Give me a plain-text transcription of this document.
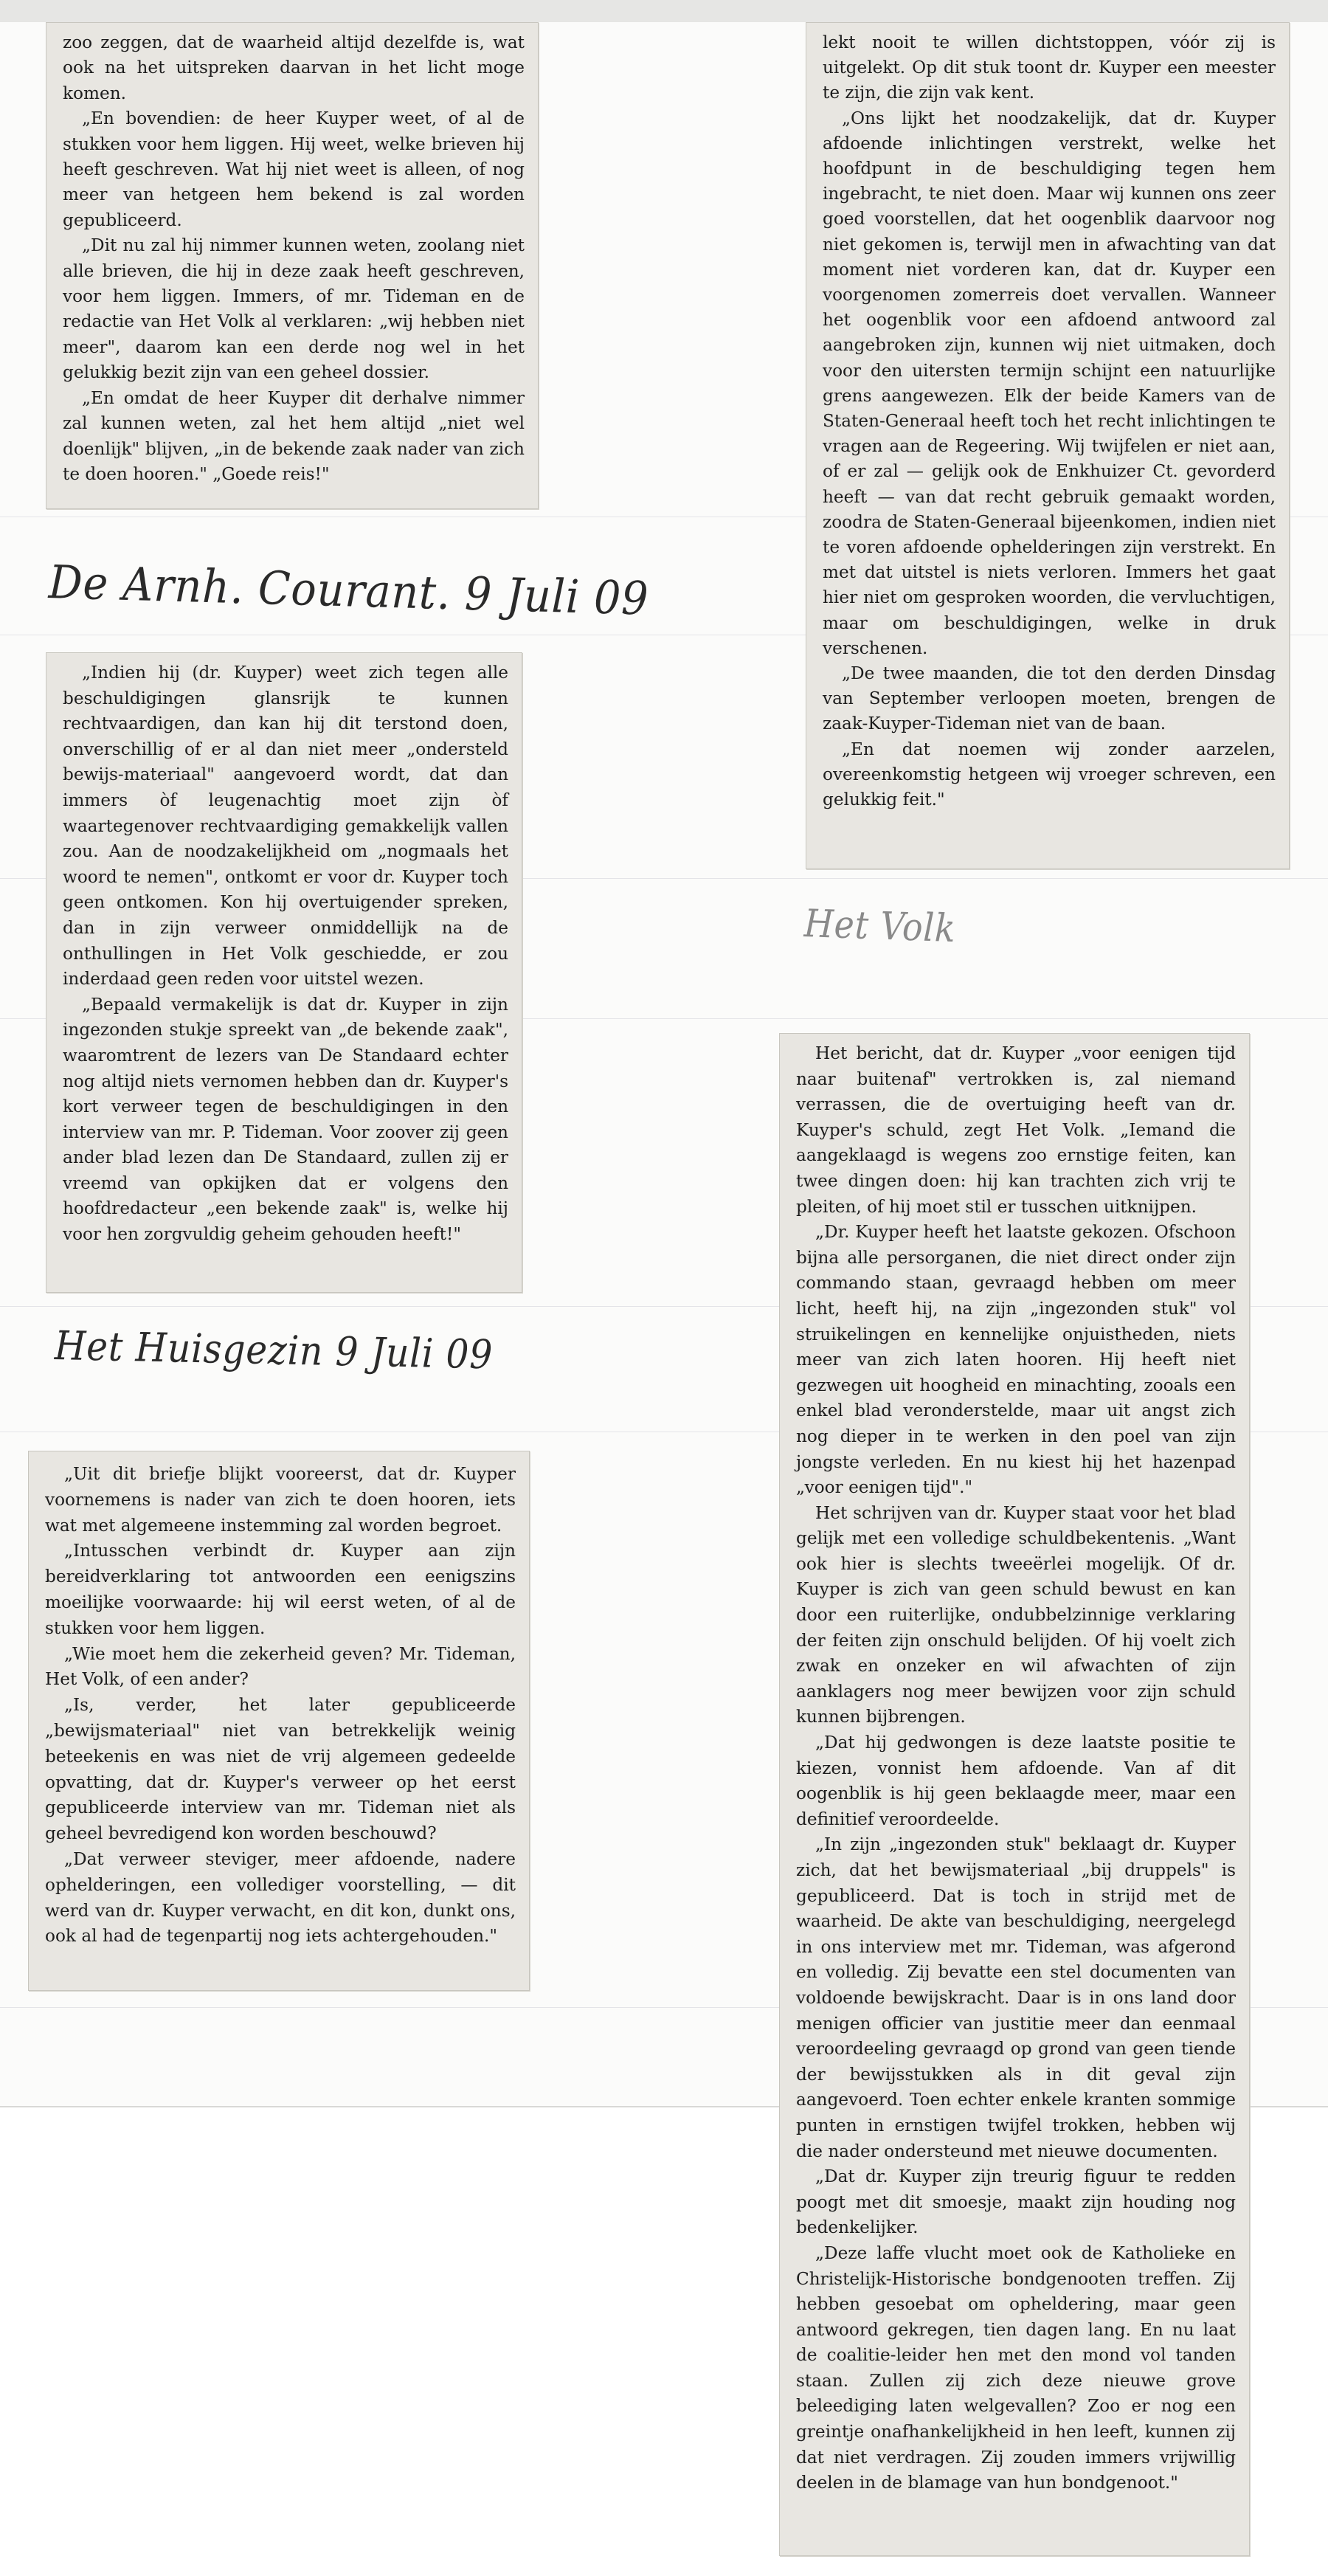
zoo zeggen, dat de waarheid altijd dezelfde is, wat ook na het uitspreken daarvan in het licht moge komen.

„En bovendien: de heer Kuyper weet, of al de stukken voor hem liggen. Hij weet, welke brieven hij heeft geschreven. Wat hij niet weet is alleen, of nog meer van hetgeen hem bekend is zal worden gepubliceerd.

„Dit nu zal hij nimmer kunnen weten, zoolang niet alle brieven, die hij in deze zaak heeft geschreven, voor hem liggen. Immers, of mr. Tideman en de redactie van Het Volk al verklaren: „wij hebben niet meer", daarom kan een derde nog wel in het gelukkig bezit zijn van een geheel dossier.

„En omdat de heer Kuyper dit derhalve nimmer zal kunnen weten, zal het hem altijd „niet wel doenlijk" blijven, „in de bekende zaak nader van zich te doen hooren." „Goede reis!"

De Arnh. Courant. 9 Juli 09

„Indien hij (dr. Kuyper) weet zich tegen alle beschuldigingen glansrijk te kunnen rechtvaardigen, dan kan hij dit terstond doen, onverschillig of er al dan niet meer „ondersteld bewijs-materiaal" aangevoerd wordt, dat dan immers òf leugenachtig moet zijn òf waartegenover rechtvaardiging gemakkelijk vallen zou. Aan de noodzakelijkheid om „nogmaals het woord te nemen", ontkomt er voor dr. Kuyper toch geen ontkomen. Kon hij overtuigender spreken, dan in zijn verweer onmiddellijk na de onthullingen in Het Volk geschiedde, er zou inderdaad geen reden voor uitstel wezen.

„Bepaald vermakelijk is dat dr. Kuyper in zijn ingezonden stukje spreekt van „de bekende zaak", waaromtrent de lezers van De Standaard echter nog altijd niets vernomen hebben dan dr. Kuyper's kort verweer tegen de beschuldigingen in den interview van mr. P. Tideman. Voor zoover zij geen ander blad lezen dan De Standaard, zullen zij er vreemd van opkijken dat er volgens den hoofdredacteur „een bekende zaak" is, welke hij voor hen zorgvuldig geheim gehouden heeft!"

Het Huisgezin 9 Juli 09

„Uit dit briefje blijkt vooreerst, dat dr. Kuyper voornemens is nader van zich te doen hooren, iets wat met algemeene instemming zal worden begroet.

„Intusschen verbindt dr. Kuyper aan zijn bereidverklaring tot antwoorden een eenigszins moeilijke voorwaarde: hij wil eerst weten, of al de stukken voor hem liggen.

„Wie moet hem die zekerheid geven? Mr. Tideman, Het Volk, of een ander?

„Is, verder, het later gepubliceerde „bewijsmateriaal" niet van betrekkelijk weinig beteekenis en was niet de vrij algemeen gedeelde opvatting, dat dr. Kuyper's verweer op het eerst gepubliceerde interview van mr. Tideman niet als geheel bevredigend kon worden beschouwd?

„Dat verweer steviger, meer afdoende, nadere ophelderingen, een vollediger voorstelling, — dit werd van dr. Kuyper verwacht, en dit kon, dunkt ons, ook al had de tegenpartij nog iets achtergehouden."

lekt nooit te willen dichtstoppen, vóór zij is uitgelekt. Op dit stuk toont dr. Kuyper een meester te zijn, die zijn vak kent.

„Ons lijkt het noodzakelijk, dat dr. Kuyper afdoende inlichtingen verstrekt, welke het hoofdpunt in de beschuldiging tegen hem ingebracht, te niet doen. Maar wij kunnen ons zeer goed voorstellen, dat het oogenblik daarvoor nog niet gekomen is, terwijl men in afwachting van dat moment niet vorderen kan, dat dr. Kuyper een voorgenomen zomerreis doet vervallen. Wanneer het oogenblik voor een afdoend antwoord zal aangebroken zijn, kunnen wij niet uitmaken, doch voor den uitersten termijn schijnt een natuurlijke grens aangewezen. Elk der beide Kamers van de Staten-Generaal heeft toch het recht inlichtingen te vragen aan de Regeering. Wij twijfelen er niet aan, of er zal — gelijk ook de Enkhuizer Ct. gevorderd heeft — van dat recht gebruik gemaakt worden, zoodra de Staten-Generaal bijeenkomen, indien niet te voren afdoende ophelderingen zijn verstrekt. En met dat uitstel is niets verloren. Immers het gaat hier niet om gesproken woorden, die vervluchtigen, maar om beschuldigingen, welke in druk verschenen.

„De twee maanden, die tot den derden Dinsdag van September verloopen moeten, brengen de zaak-Kuyper-Tideman niet van de baan.

„En dat noemen wij zonder aarzelen, overeenkomstig hetgeen wij vroeger schreven, een gelukkig feit."

Het Volk

Het bericht, dat dr. Kuyper „voor eenigen tijd naar buitenaf" vertrokken is, zal niemand verrassen, die de overtuiging heeft van dr. Kuyper's schuld, zegt Het Volk. „Iemand die aangeklaagd is wegens zoo ernstige feiten, kan twee dingen doen: hij kan trachten zich vrij te pleiten, of hij moet stil er tusschen uitknijpen.

„Dr. Kuyper heeft het laatste gekozen. Ofschoon bijna alle persorganen, die niet direct onder zijn commando staan, gevraagd hebben om meer licht, heeft hij, na zijn „ingezonden stuk" vol struikelingen en kennelijke onjuistheden, niets meer van zich laten hooren. Hij heeft niet gezwegen uit hoogheid en minachting, zooals een enkel blad veronderstelde, maar uit angst zich nog dieper in te werken in den poel van zijn jongste verleden. En nu kiest hij het hazenpad „voor eenigen tijd"."

Het schrijven van dr. Kuyper staat voor het blad gelijk met een volledige schuldbekentenis. „Want ook hier is slechts tweeërlei mogelijk. Of dr. Kuyper is zich van geen schuld bewust en kan door een ruiterlijke, ondubbelzinnige verklaring der feiten zijn onschuld belijden. Of hij voelt zich zwak en onzeker en wil afwachten of zijn aanklagers nog meer bewijzen voor zijn schuld kunnen bijbrengen.

„Dat hij gedwongen is deze laatste positie te kiezen, vonnist hem afdoende. Van af dit oogenblik is hij geen beklaagde meer, maar een definitief veroordeelde.

„In zijn „ingezonden stuk" beklaagt dr. Kuyper zich, dat het bewijsmateriaal „bij druppels" is gepubliceerd. Dat is toch in strijd met de waarheid. De akte van beschuldiging, neergelegd in ons interview met mr. Tideman, was afgerond en volledig. Zij bevatte een stel documenten van voldoende bewijskracht. Daar is in ons land door menigen officier van justitie meer dan eenmaal veroordeeling gevraagd op grond van geen tiende der bewijsstukken als in dit geval zijn aangevoerd. Toen echter enkele kranten sommige punten in ernstigen twijfel trokken, hebben wij die nader ondersteund met nieuwe documenten.

„Dat dr. Kuyper zijn treurig figuur te redden poogt met dit smoesje, maakt zijn houding nog bedenkelijker.

„Deze laffe vlucht moet ook de Katholieke en Christelijk-Historische bondgenooten treffen. Zij hebben gesoebat om opheldering, maar geen antwoord gekregen, tien dagen lang. En nu laat de coalitie-leider hen met den mond vol tanden staan. Zullen zij zich deze nieuwe grove beleediging laten welgevallen? Zoo er nog een greintje onafhankelijkheid in hen leeft, kunnen zij dat niet verdragen. Zij zouden immers vrijwillig deelen in de blamage van hun bondgenoot."
